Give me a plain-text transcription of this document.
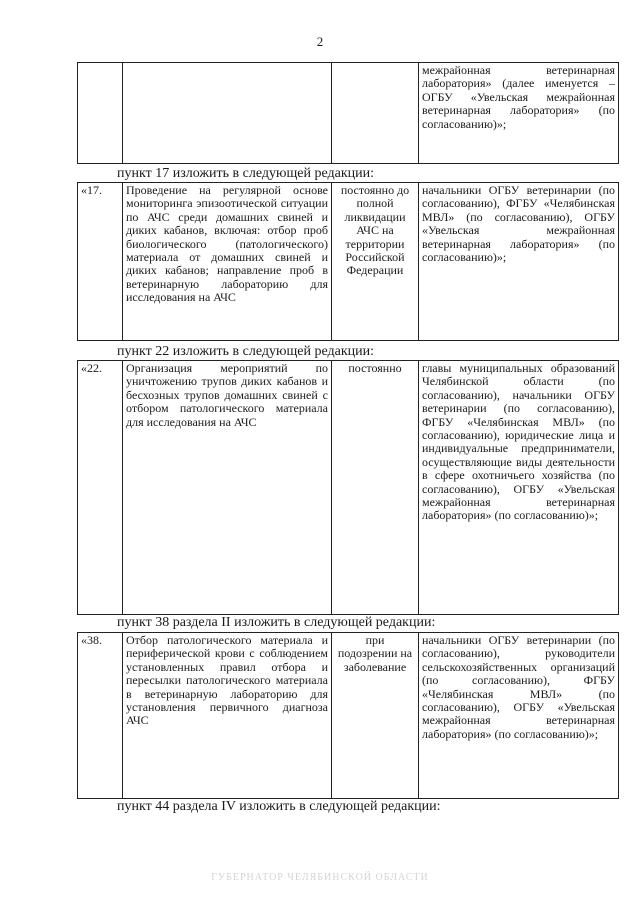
2
			межрайонная ветеринарная лаборатория» (далее именуется – ОГБУ «Увельская межрайонная ветеринарная лаборатория» (по согласованию)»;
пункт 17 изложить в следующей редакции:
«17.	Проведение на регулярной основе мониторинга эпизоотической ситуации по АЧС среди домашних свиней и диких кабанов, включая: отбор проб биологического (патологического) материала от домашних свиней и диких кабанов; направление проб в ветеринарную лабораторию для исследования на АЧС	постоянно до полной ликвидации АЧС на территории Российской Федерации	начальники ОГБУ ветеринарии (по согласованию), ФГБУ «Челябинская МВЛ» (по согласованию), ОГБУ «Увельская межрайонная ветеринарная лаборатория» (по согласованию)»;
пункт 22 изложить в следующей редакции:
«22.	Организация мероприятий по уничтожению трупов диких кабанов и бесхозных трупов домашних свиней с отбором патологического материала для исследования на АЧС	постоянно	главы муниципальных образований Челябинской области (по согласованию), начальники ОГБУ ветеринарии (по согласованию), ФГБУ «Челябинская МВЛ» (по согласованию), юридические лица и индивидуальные предприниматели, осуществляющие виды деятельности в сфере охотничьего хозяйства (по согласованию), ОГБУ «Увельская межрайонная ветеринарная лаборатория» (по согласованию)»;
пункт 38 раздела II изложить в следующей редакции:
«38.	Отбор патологического материала и периферической крови с соблюдением установленных правил отбора и пересылки патологического материала в ветеринарную лабораторию для установления первичного диагноза АЧС	при подозрении на заболевание	начальники ОГБУ ветеринарии (по согласованию), руководители сельскохозяйственных организаций (по согласованию), ФГБУ «Челябинская МВЛ» (по согласованию), ОГБУ «Увельская межрайонная ветеринарная лаборатория» (по согласованию)»;
пункт 44 раздела IV изложить в следующей редакции:
ГУБЕРНАТОР ЧЕЛЯБИНСКОЙ ОБЛАСТИ
